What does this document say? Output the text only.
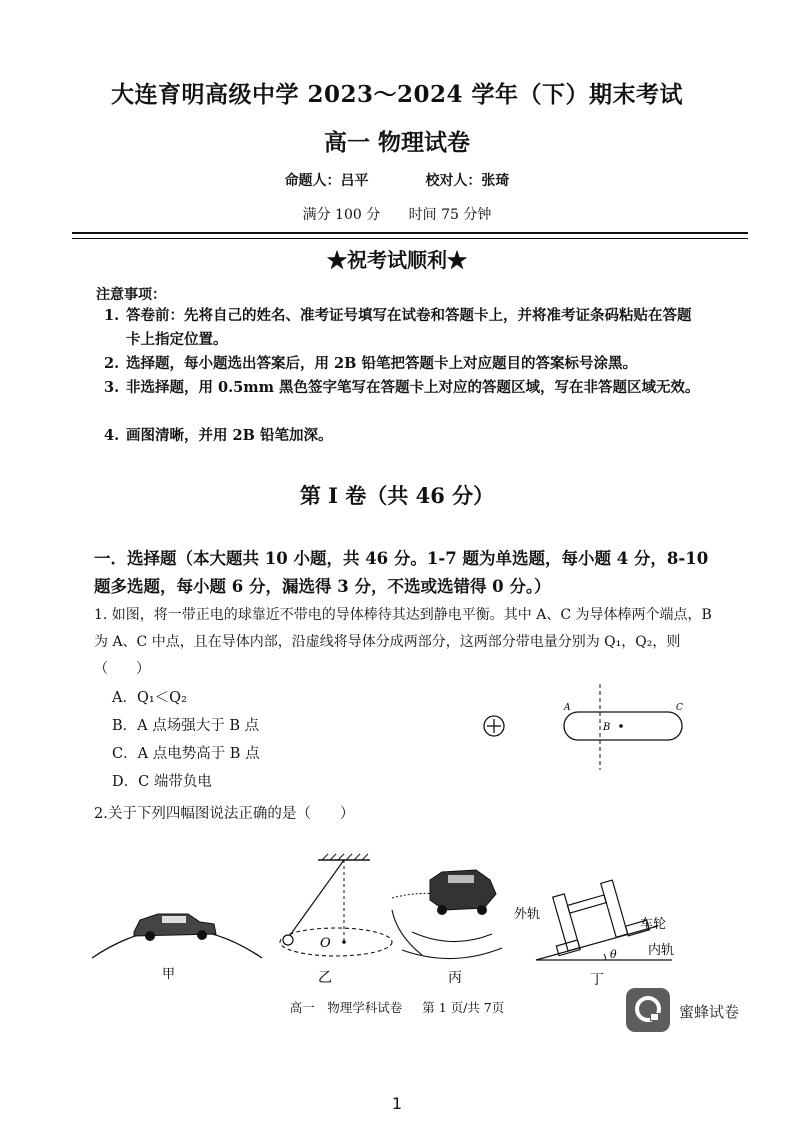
大连育明高级中学 2023～2024 学年（下）期末考试
高一 物理试卷
命题人：吕平	校对人：张琦
满分 100 分 时间 75 分钟
★祝考试顺利★
注意事项：
1. 答卷前：先将自己的姓名、准考证号填写在试卷和答题卡上，并将准考证条码粘贴在答题卡上指定位置。
2. 选择题，每小题选出答案后，用 2B 铅笔把答题卡上对应题目的答案标号涂黑。
3. 非选择题，用 0.5mm 黑色签字笔写在答题卡上对应的答题区域，写在非答题区域无效。
4. 画图清晰，并用 2B 铅笔加深。
第 I 卷（共 46 分）
一．选择题（本大题共 10 小题，共 46 分。1-7 题为单选题，每小题 4 分，8-10 题多选题，每小题 6 分，漏选得 3 分，不选或选错得 0 分。）
1. 如图，将一带正电的球靠近不带电的导体棒待其达到静电平衡。其中 A、C 为导体棒两个端点，B 为 A、C 中点，且在导体内部，沿虚线将导体分成两部分，这两部分带电量分别为 Q₁，Q₂，则（　　）
A．Q₁＜Q₂
B．A 点场强大于 B 点
C．A 点电势高于 B 点
D．C 端带负电
A
B
C
2.关于下列四幅图说法正确的是（　　）
甲
O
乙	丙
θ
外轨
车轮
内轨
丁
高一　物理学科试卷 第 1 页/共 7页	蜜蜂试卷
1
